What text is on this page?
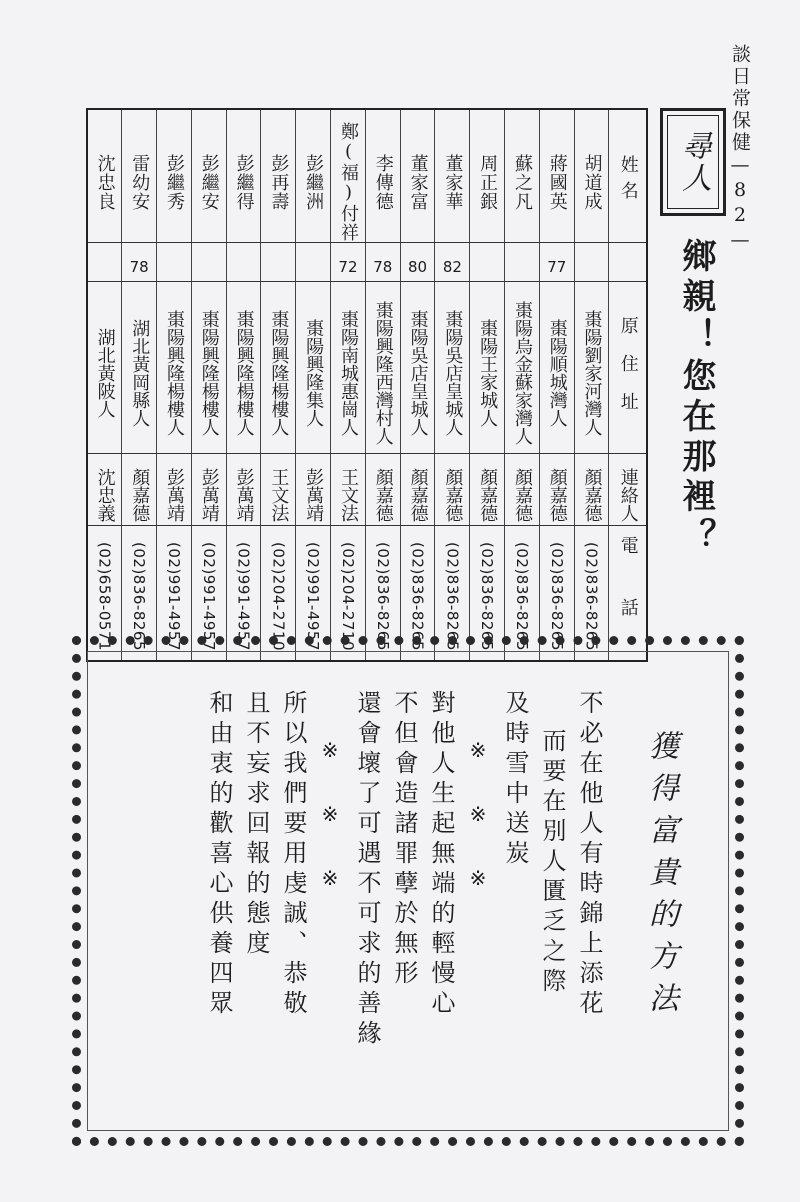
談日常保健—82—
沈忠良	雷幼安	彭繼秀	彭繼安	彭繼得	彭再壽	彭繼洲	鄭(福)付祥	李傳德	董家富	董家華	周正銀	蘇之凡	蔣國英	胡道成	姓名

	78						72	78	80	82			77		

湖北黃陂人	湖北黃岡縣人	棗陽興隆楊樓人	棗陽興隆楊樓人	棗陽興隆楊樓人	棗陽興隆楊樓人	棗陽興隆集人	棗陽南城惠崗人	棗陽興隆西灣村人	棗陽吳店皇城人	棗陽吳店皇城人	棗陽王家城人	棗陽烏金蘇家灣人	棗陽順城灣人	棗陽劉家河灣人	原住址

沈忠義	顏嘉德	彭萬靖	彭萬靖	彭萬靖	王文法	彭萬靖	王文法	顏嘉德	顏嘉德	顏嘉德	顏嘉德	顏嘉德	顏嘉德	顏嘉德	連絡人

(02)658-0571	(02)836-8265	(02)991-4957	(02)991-4957	(02)991-4957	(02)204-2710	(02)991-4957	(02)204-2710	(02)836-8265	(02)836-8265	(02)836-8265	(02)836-8265	(02)836-8265	(02)836-8265	(02)836-8265	電話
尋人
鄉親！您在那裡？
獲得富貴的方法
不必在他人有時錦上添花
而要在別人匱乏之際
及時雪中送炭
※※※
對他人生起無端的輕慢心
不但會造諸罪孽於無形
還會壞了可遇不可求的善緣
※※※
所以我們要用虔誠、恭敬
且不妄求回報的態度
和由衷的歡喜心供養四眾
